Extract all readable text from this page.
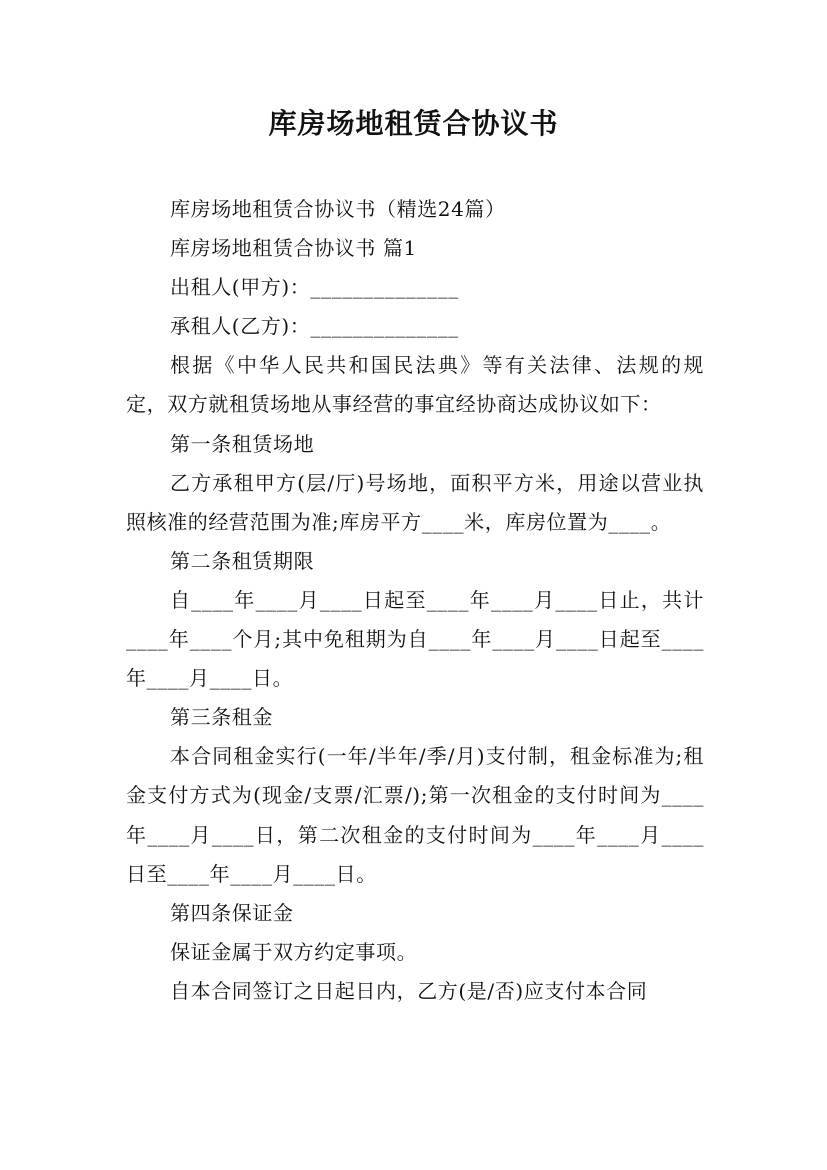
库房场地租赁合协议书

库房场地租赁合协议书（精选24篇）

库房场地租赁合协议书 篇1

出租人(甲方)：______________

承租人(乙方)：______________

根据《中华人民共和国民法典》等有关法律、法规的规定，双方就租赁场地从事经营的事宜经协商达成协议如下：

第一条租赁场地

乙方承租甲方(层/厅)号场地，面积平方米，用途以营业执照核准的经营范围为准;库房平方____米，库房位置为____。

第二条租赁期限

自____年____月____日起至____年____月____日止，共计____年____个月;其中免租期为自____年____月____日起至____年____月____日。

第三条租金

本合同租金实行(一年/半年/季/月)支付制，租金标准为;租金支付方式为(现金/支票/汇票/);第一次租金的支付时间为____年____月____日，第二次租金的支付时间为____年____月____日至____年____月____日。

第四条保证金

保证金属于双方约定事项。

自本合同签订之日起日内，乙方(是/否)应支付本合同
